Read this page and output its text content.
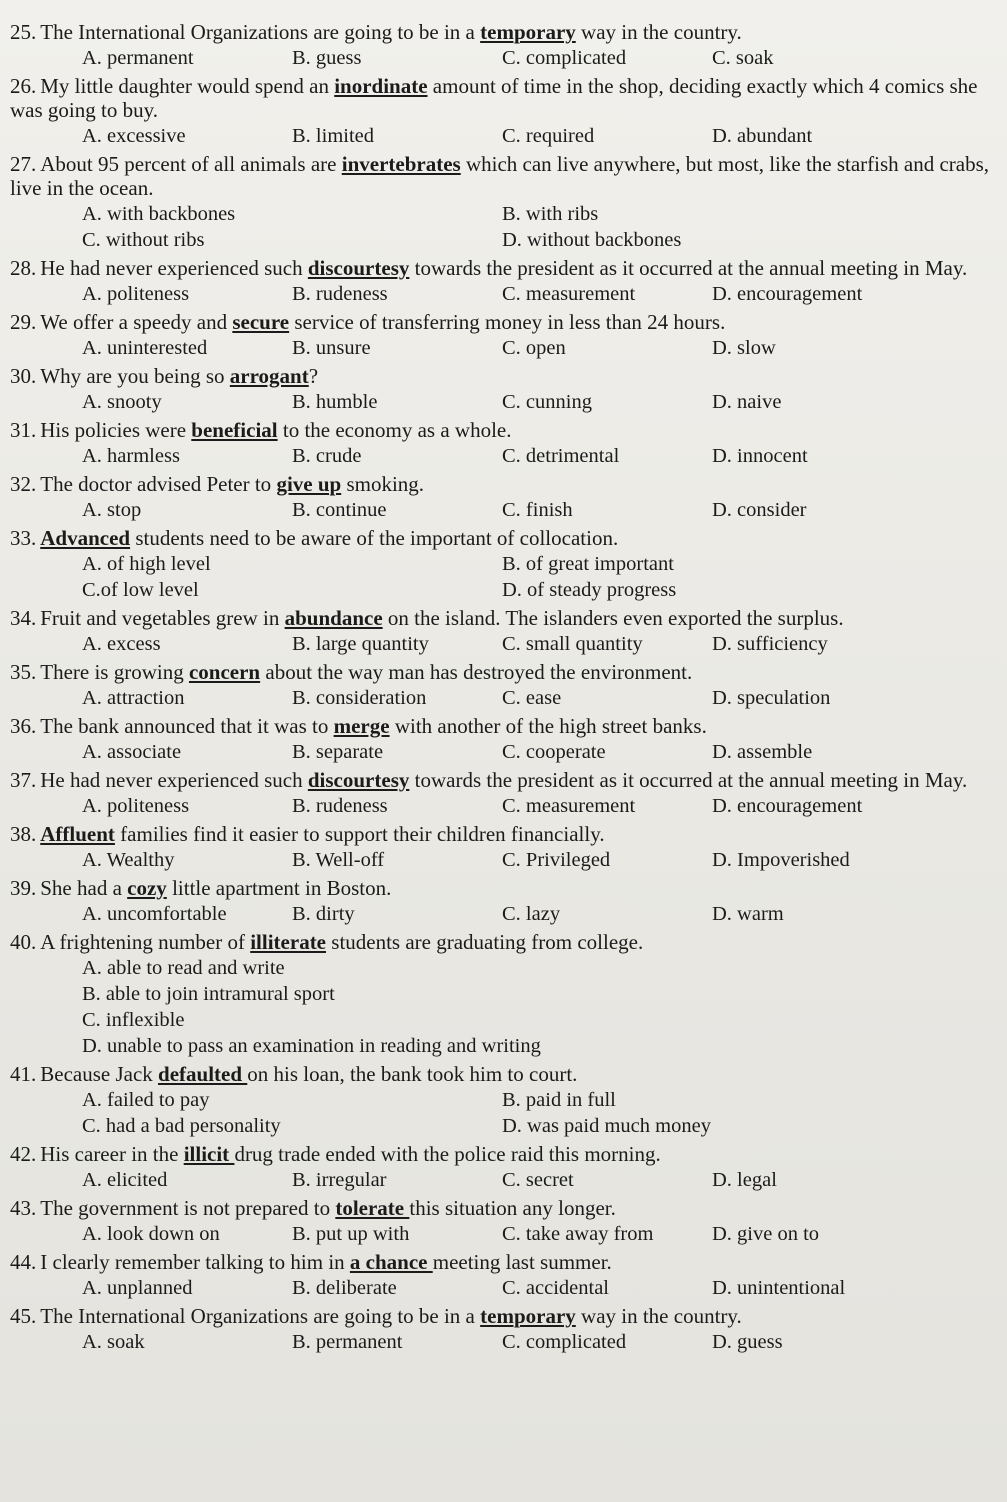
25. The International Organizations are going to be in a temporary way in the country.

A. permanent	B. guess	C. complicated	C. soak

26. My little daughter would spend an inordinate amount of time in the shop, deciding exactly which 4 comics she was going to buy.

A. excessive	B. limited	C. required	D. abundant

27. About 95 percent of all animals are invertebrates which can live anywhere, but most, like the starfish and crabs, live in the ocean.

A. with backbones	B. with ribs
C. without ribs	D. without backbones

28. He had never experienced such discourtesy towards the president as it occurred at the annual meeting in May.

A. politeness	B. rudeness	C. measurement	D. encouragement

29. We offer a speedy and secure service of transferring money in less than 24 hours.

A. uninterested	B. unsure	C. open	D. slow

30. Why are you being so arrogant?

A. snooty	B. humble	C. cunning	D. naive

31. His policies were beneficial to the economy as a whole.

A. harmless	B. crude	C. detrimental	D. innocent

32. The doctor advised Peter to give up smoking.

A. stop	B. continue	C. finish	D. consider

33. Advanced students need to be aware of the important of collocation.

A. of high level	B. of great important
C.of low level	D. of steady progress

34. Fruit and vegetables grew in abundance on the island. The islanders even exported the surplus.

A. excess	B. large quantity	C. small quantity	D. sufficiency

35. There is growing concern about the way man has destroyed the environment.

A. attraction	B. consideration	C. ease	D. speculation

36. The bank announced that it was to merge with another of the high street banks.

A. associate	B. separate	C. cooperate	D. assemble

37. He had never experienced such discourtesy towards the president as it occurred at the annual meeting in May.

A. politeness	B. rudeness	C. measurement	D. encouragement

38. Affluent families find it easier to support their children financially.

A. Wealthy	B. Well-off	C. Privileged	D. Impoverished

39. She had a cozy little apartment in Boston.

A. uncomfortable	B. dirty	C. lazy	D. warm

40. A frightening number of illiterate students are graduating from college.

A. able to read and write
B. able to join intramural sport
C. inflexible
D. unable to pass an examination in reading and writing

41. Because Jack defaulted on his loan, the bank took him to court.

A. failed to pay	B. paid in full
C. had a bad personality	D. was paid much money

42. His career in the illicit drug trade ended with the police raid this morning.

A. elicited	B. irregular	C. secret	D. legal

43. The government is not prepared to tolerate this situation any longer.

A. look down on	B. put up with	C. take away from	D. give on to

44. I clearly remember talking to him in a chance meeting last summer.

A. unplanned	B. deliberate	C. accidental	D. unintentional

45. The International Organizations are going to be in a temporary way in the country.

A. soak	B. permanent	C. complicated	D. guess
